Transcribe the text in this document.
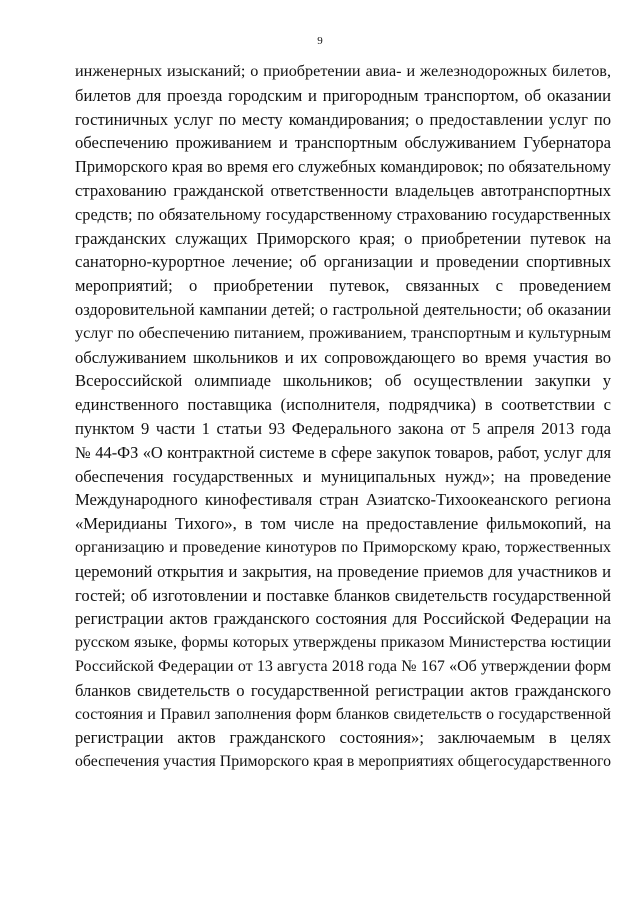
9
инженерных изысканий; о приобретении авиа- и железнодорожных билетов,
билетов для проезда городским и пригородным транспортом, об оказании
гостиничных услуг по месту командирования; о предоставлении услуг по
обеспечению проживанием и транспортным обслуживанием Губернатора
Приморского края во время его служебных командировок; по обязательному
страхованию гражданской ответственности владельцев автотранспортных
средств; по обязательному государственному страхованию государственных
гражданских служащих Приморского края; о приобретении путевок на
санаторно-курортное лечение; об организации и проведении спортивных
мероприятий; о приобретении путевок, связанных с проведением
оздоровительной кампании детей; о гастрольной деятельности; об оказании
услуг по обеспечению питанием, проживанием, транспортным и культурным
обслуживанием школьников и их сопровождающего во время участия во
Всероссийской олимпиаде школьников; об осуществлении закупки у
единственного поставщика (исполнителя, подрядчика) в соответствии с
пунктом 9 части 1 статьи 93 Федерального закона от 5 апреля 2013 года
№ 44-ФЗ «О контрактной системе в сфере закупок товаров, работ, услуг для
обеспечения государственных и муниципальных нужд»; на проведение
Международного кинофестиваля стран Азиатско-Тихоокеанского региона
«Меридианы Тихого», в том числе на предоставление фильмокопий, на
организацию и проведение кинотуров по Приморскому краю, торжественных
церемоний открытия и закрытия, на проведение приемов для участников и
гостей; об изготовлении и поставке бланков свидетельств государственной
регистрации актов гражданского состояния для Российской Федерации на
русском языке, формы которых утверждены приказом Министерства юстиции
Российской Федерации от 13 августа 2018 года № 167 «Об утверждении форм
бланков свидетельств о государственной регистрации актов гражданского
состояния и Правил заполнения форм бланков свидетельств о государственной
регистрации актов гражданского состояния»; заключаемым в целях
обеспечения участия Приморского края в мероприятиях общегосударственного
